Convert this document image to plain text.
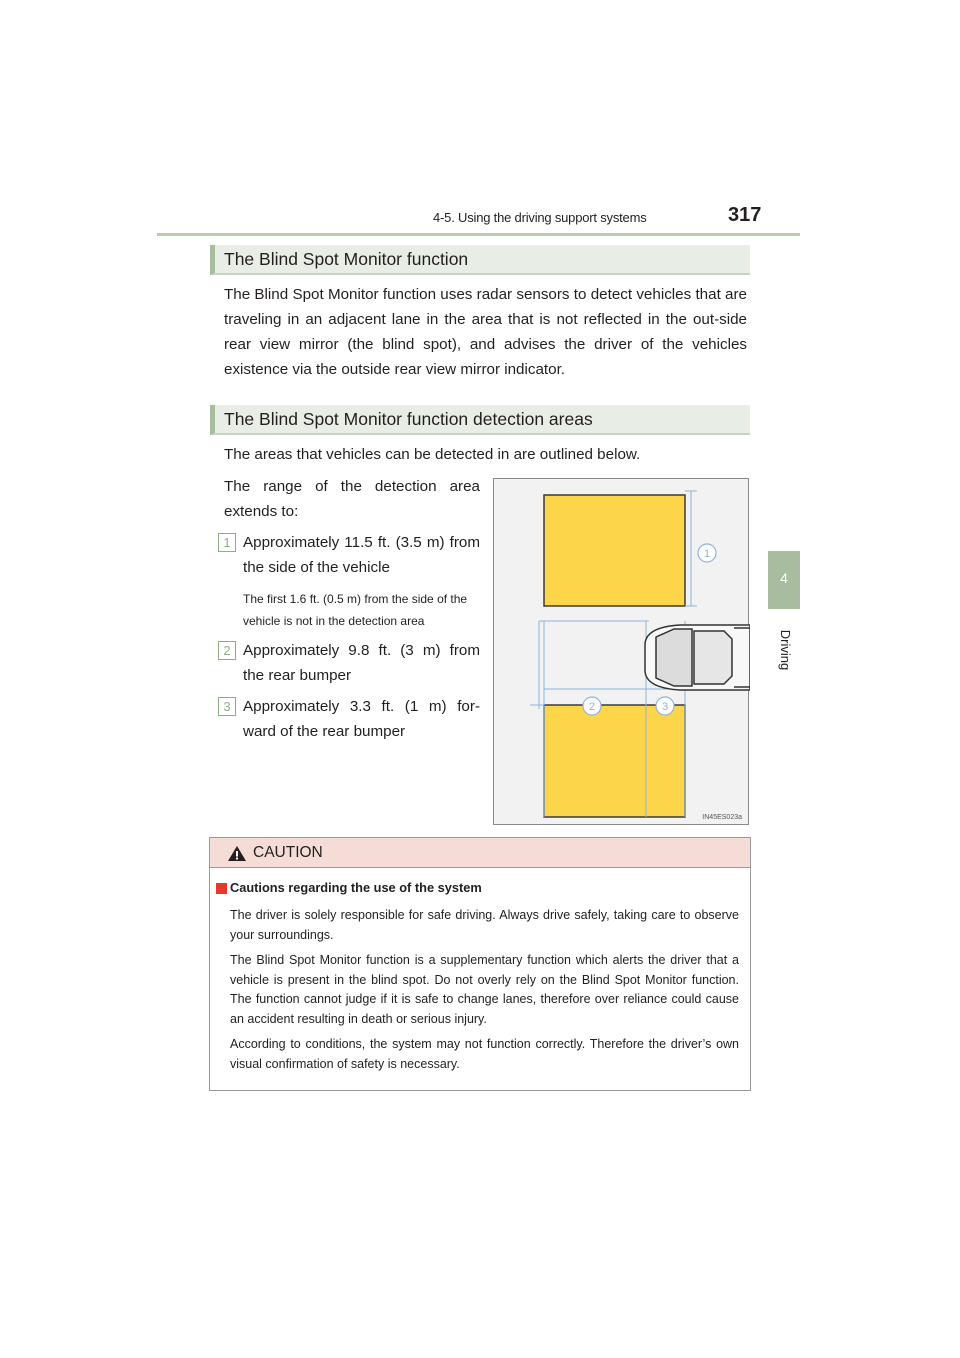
4-5. Using the driving support systems	317
4
Driving
The Blind Spot Monitor function
The Blind Spot Monitor function uses radar sensors to detect vehicles that are traveling in an adjacent lane in the area that is not reflected in the out-side rear view mirror (the blind spot), and advises the driver of the vehicles existence via the outside rear view mirror indicator.
The Blind Spot Monitor function detection areas
The areas that vehicles can be detected in are outlined below.
The range of the detection area extends to:
1 Approximately 11.5 ft. (3.5 m) from the side of the vehicle
The first 1.6 ft. (0.5 m) from the side of the vehicle is not in the detection area
2 Approximately 9.8 ft. (3 m) from the rear bumper
3 Approximately 3.3 ft. (1 m) for-ward of the rear bumper
1
2	3
IN45ES023a
CAUTION
Cautions regarding the use of the system
The driver is solely responsible for safe driving. Always drive safely, taking care to observe your surroundings.
The Blind Spot Monitor function is a supplementary function which alerts the driver that a vehicle is present in the blind spot. Do not overly rely on the Blind Spot Monitor function. The function cannot judge if it is safe to change lanes, therefore over reliance could cause an accident resulting in death or serious injury.
According to conditions, the system may not function correctly. Therefore the driver’s own visual confirmation of safety is necessary.
